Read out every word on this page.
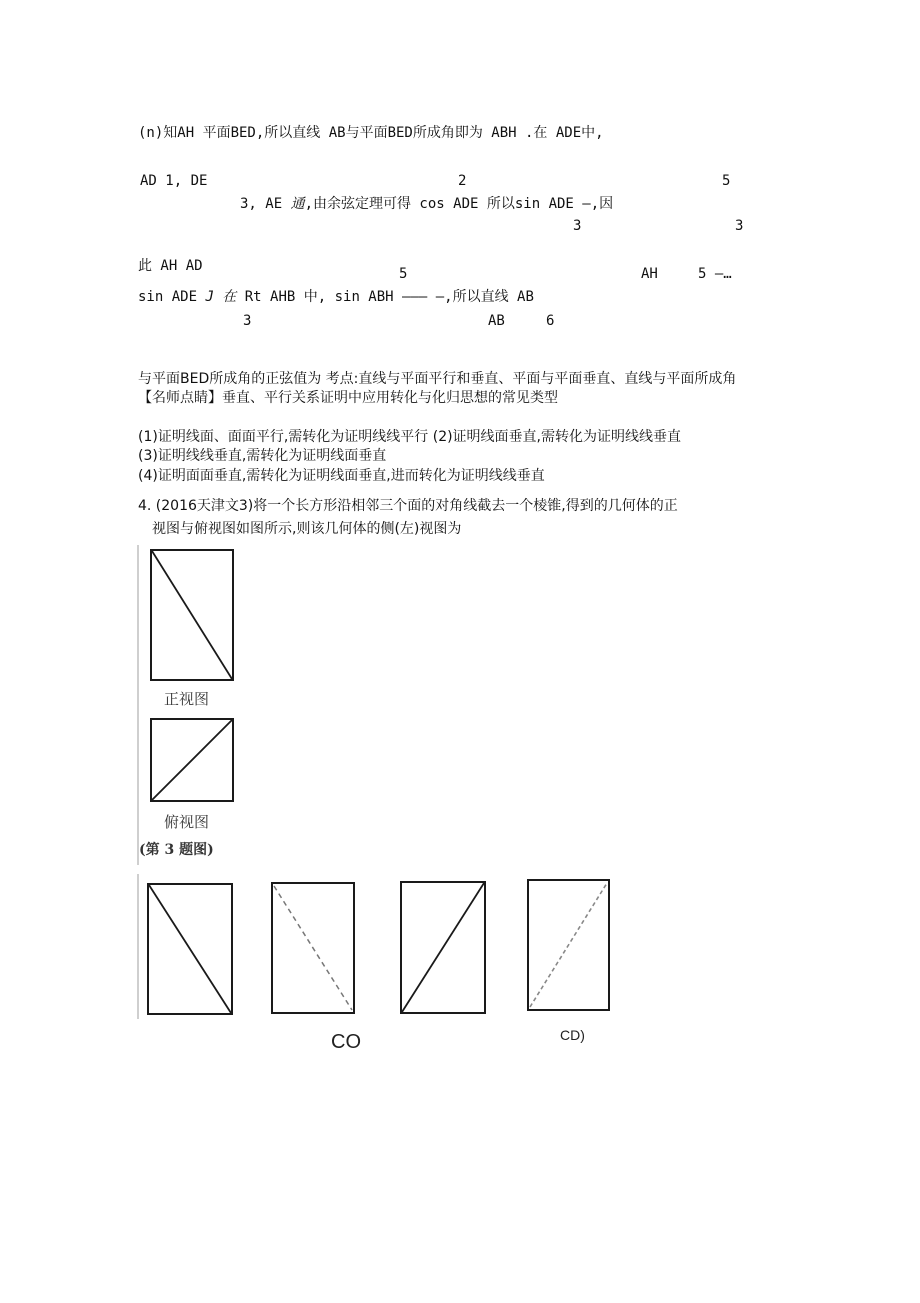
(n)知AH 平面BED,所以直线 AB与平面BED所成角即为 ABH .在 ADE中,
AD 1, DE	2	5
3, AE 通,由余弦定理可得 cos ADE 所以sin ADE —,因
3	3
此 AH AD	5	AH	5 —…
sin ADE J 在 Rt AHB 中, sin ABH ——— —,所以直线 AB
3	AB	6
与平面BED所成角的正弦值为 考点:直线与平面平行和垂直、平面与平面垂直、直线与平面所成角
【名师点睛】垂直、平行关系证明中应用转化与化归思想的常见类型
(1)证明线面、面面平行,需转化为证明线线平行 (2)证明线面垂直,需转化为证明线线垂直
(3)证明线线垂直,需转化为证明线面垂直
(4)证明面面垂直,需转化为证明线面垂直,进而转化为证明线线垂直
4. (2016天津文3)将一个长方形沿相邻三个面的对角线截去一个棱锥,得到的几何体的正
视图与俯视图如图所示,则该几何体的侧(左)视图为
正视图
俯视图
(第 3 题图)
CO	CD)
